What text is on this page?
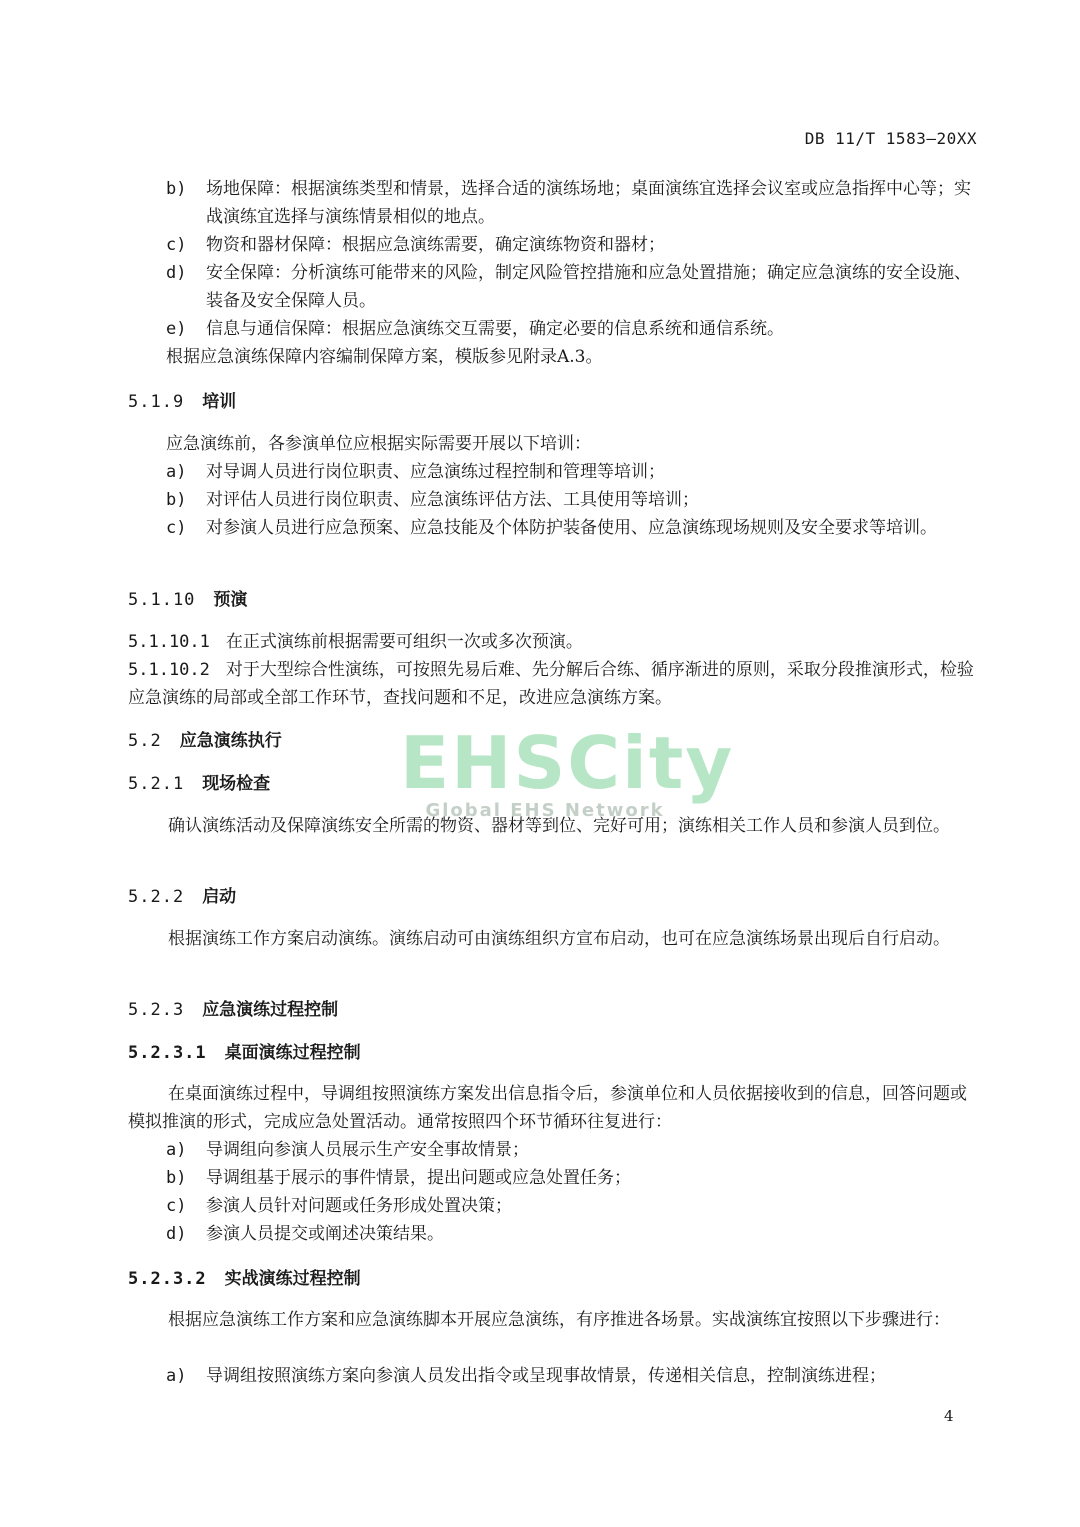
DB 11/T 1583—20XX
b) 场地保障：根据演练类型和情景，选择合适的演练场地；桌面演练宜选择会议室或应急指挥中心等；实战演练宜选择与演练情景相似的地点。
c) 物资和器材保障：根据应急演练需要，确定演练物资和器材；
d) 安全保障：分析演练可能带来的风险，制定风险管控措施和应急处置措施；确定应急演练的安全设施、装备及安全保障人员。
e) 信息与通信保障：根据应急演练交互需要，确定必要的信息系统和通信系统。
根据应急演练保障内容编制保障方案，模版参见附录A.3。
5.1.9 培训
应急演练前，各参演单位应根据实际需要开展以下培训：
a) 对导调人员进行岗位职责、应急演练过程控制和管理等培训；
b) 对评估人员进行岗位职责、应急演练评估方法、工具使用等培训；
c) 对参演人员进行应急预案、应急技能及个体防护装备使用、应急演练现场规则及安全要求等培训。
5.1.10 预演
5.1.10.1 在正式演练前根据需要可组织一次或多次预演。
5.1.10.2 对于大型综合性演练，可按照先易后难、先分解后合练、循序渐进的原则，采取分段推演形式，检验应急演练的局部或全部工作环节，查找问题和不足，改进应急演练方案。
EHSCity
Global EHS Network
5.2 应急演练执行
5.2.1 现场检查
确认演练活动及保障演练安全所需的物资、器材等到位、完好可用；演练相关工作人员和参演人员到位。
5.2.2 启动
根据演练工作方案启动演练。演练启动可由演练组织方宣布启动，也可在应急演练场景出现后自行启动。
5.2.3 应急演练过程控制
5.2.3.1 桌面演练过程控制
在桌面演练过程中，导调组按照演练方案发出信息指令后，参演单位和人员依据接收到的信息，回答问题或模拟推演的形式，完成应急处置活动。通常按照四个环节循环往复进行：
a) 导调组向参演人员展示生产安全事故情景；
b) 导调组基于展示的事件情景，提出问题或应急处置任务；
c) 参演人员针对问题或任务形成处置决策；
d) 参演人员提交或阐述决策结果。
5.2.3.2 实战演练过程控制
根据应急演练工作方案和应急演练脚本开展应急演练，有序推进各场景。实战演练宜按照以下步骤进行：
a) 导调组按照演练方案向参演人员发出指令或呈现事故情景，传递相关信息，控制演练进程；
4
